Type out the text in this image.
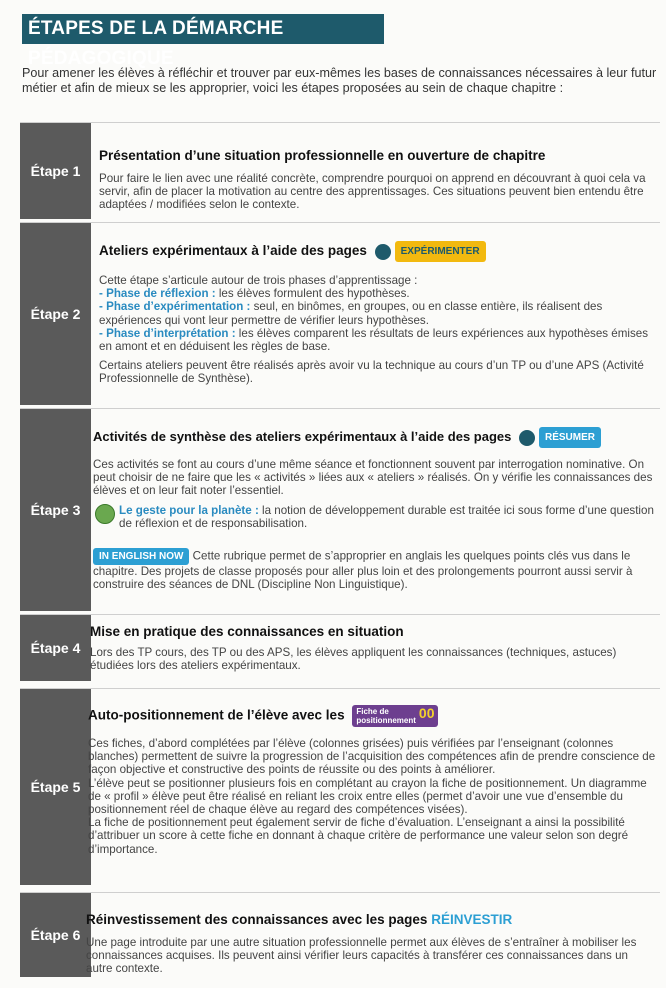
ÉTAPES DE LA DÉMARCHE PÉDAGOGIQUE
Pour amener les élèves à réfléchir et trouver par eux-mêmes les bases de connaissances nécessaires à leur futur métier et afin de mieux se les approprier, voici les étapes proposées au sein de chaque chapitre :
Étape 1
Présentation d’une situation professionnelle en ouverture de chapitre
Pour faire le lien avec une réalité concrète, comprendre pourquoi on apprend en découvrant à quoi cela va servir, afin de placer la motivation au centre des apprentissages. Ces situations peuvent bien entendu être adaptées / modifiées selon le contexte.
Étape 2
Ateliers expérimentaux à l’aide des pages	EXPÉRIMENTER
Cette étape s’articule autour de trois phases d’apprentissage :
- Phase de réflexion : les élèves formulent des hypothèses.
- Phase d’expérimentation : seul, en binômes, en groupes, ou en classe entière, ils réalisent des expériences qui vont leur permettre de vérifier leurs hypothèses.
- Phase d’interprétation : les élèves comparent les résultats de leurs expériences aux hypothèses émises en amont et en déduisent les règles de base.
Certains ateliers peuvent être réalisés après avoir vu la technique au cours d’un TP ou d’une APS (Activité Professionnelle de Synthèse).
Étape 3
Activités de synthèse des ateliers expérimentaux à l’aide des pages	RÉSUMER
Ces activités se font au cours d’une même séance et fonctionnent souvent par interrogation nominative. On peut choisir de ne faire que les « activités » liées aux « ateliers » réalisés. On y vérifie les connaissances des élèves et on leur fait noter l’essentiel.
Le geste pour la planète : la notion de développement durable est traitée ici sous forme d’une question de réflexion et de responsabilisation.
IN ENGLISH NOW Cette rubrique permet de s’approprier en anglais les quelques points clés vus dans le chapitre. Des projets de classe proposés pour aller plus loin et des prolongements pourront aussi servir à construire des séances de DNL (Discipline Non Linguistique).
Étape 4
Mise en pratique des connaissances en situation
Lors des TP cours, des TP ou des APS, les élèves appliquent les connaissances (techniques, astuces) étudiées lors des ateliers expérimentaux.
Étape 5
Auto-positionnement de l’élève avec les Fiche de
positionnement 00
Ces fiches, d’abord complétées par l’élève (colonnes grisées) puis vérifiées par l’enseignant (colonnes blanches) permettent de suivre la progression de l’acquisition des compétences afin de prendre conscience de façon objective et constructive des points de réussite ou des points à améliorer.
L’élève peut se positionner plusieurs fois en complétant au crayon la fiche de positionnement. Un diagramme de « profil » élève peut être réalisé en reliant les croix entre elles (permet d’avoir une vue d’ensemble du positionnement réel de chaque élève au regard des compétences visées).
La fiche de positionnement peut également servir de fiche d’évaluation. L’enseignant a ainsi la possibilité d’attribuer un score à cette fiche en donnant à chaque critère de performance une valeur selon son degré d’importance.
Étape 6
Réinvestissement des connaissances avec les pages RÉINVESTIR
Une page introduite par une autre situation professionnelle permet aux élèves de s’entraîner à mobiliser les connaissances acquises. Ils peuvent ainsi vérifier leurs capacités à transférer ces connaissances dans un autre contexte.
